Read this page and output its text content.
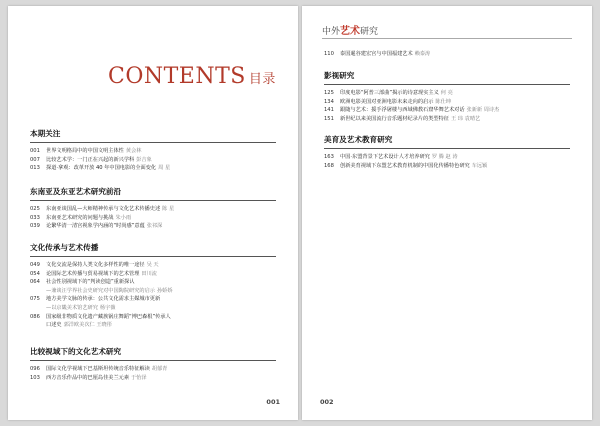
CONTENTS 目录
本期关注
001	世界文明格局中的中国文明主体性 黄会林
007	比较艺术学：一门正在兴起的新兴学科 彭吉象
013	探道·拿观：改革开放 40 年中国电影的全面变化 周 星
东南亚及东亚艺术研究前沿
025	东南亚谈国乱—大师精神传承与文化艺术传播史述 陈 星
033	东南亚艺术研究的问题与挑战 朱小雨
039	论繁华清一清宫视象学内涵的“时尚感”意蕴 张祁深
文化传承与艺术传播
049	文化交流是保持人类文化多样性的唯一途径 吴 天
054	论国际艺术传播与贸易视域下的艺术管理 田川流
064	社会性别视域下的“判读创造”重新探认
—兼谈汪学界社会史研究对中国陶院研究的启示 孙娇娇
075	地方美学文脉的传承：公共文化需求主媒城市更新
—以京畿美术馆艺研究 杨宇薇
086	国家级非物质文化遗产藏族锅庄舞蹈“博巴森根”传承人
口述史 郭洋欧美次仁 王晓彤
比较视域下的文化艺术研究
096	国际文化学视域下巴基斯坦传统音乐特征解读 胡郁青
103	西方音乐作品中的巴厘岛佳美兰元素 于怡泽
001
中外艺术研究
110	泰国暹谷建宏宫与中国福建艺术 赖泰涛
影视研究
125	印度电影“阿普三部曲”揭示的诗意现实主义 何 亮
134	欧洲电影美国对亚洲电影未来走向的启示 陈仕坤
141	跟随与艺术：援手浮屠楼与西域佛教石窟华舞艺术对话 张新新 周诗杰
151	新世纪以来美国流行音乐题材纪录片的类型特征 王 玮 袁晴艺
美育及艺术教育研究
163	中国·东盟背景下艺术设计人才培养研究 罗 腾 赵 涛
168	创新美育视域下东盟艺术教育机制的中国化传播特色研究 车远颖
002
